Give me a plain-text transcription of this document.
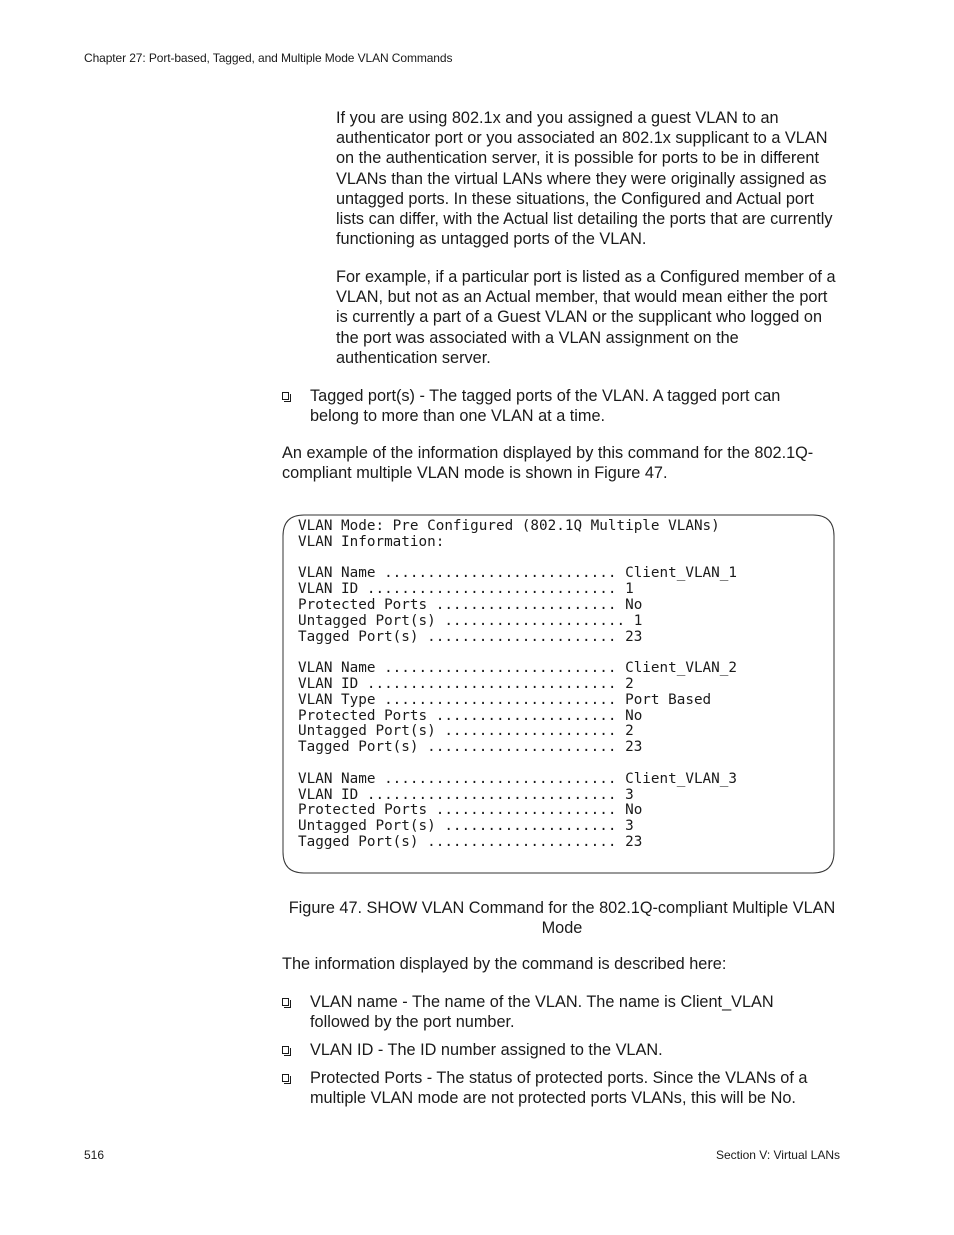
Chapter 27: Port-based, Tagged, and Multiple Mode VLAN Commands

If you are using 802.1x and you assigned a guest VLAN to an authenticator port or you associated an 802.1x supplicant to a VLAN on the authentication server, it is possible for ports to be in different VLANs than the virtual LANs where they were originally assigned as untagged ports. In these situations, the Configured and Actual port lists can differ, with the Actual list detailing the ports that are currently functioning as untagged ports of the VLAN.

For example, if a particular port is listed as a Configured member of a VLAN, but not as an Actual member, that would mean either the port is currently a part of a Guest VLAN or the supplicant who logged on the port was associated with a VLAN assignment on the authentication server.

Tagged port(s) - The tagged ports of the VLAN. A tagged port can belong to more than one VLAN at a time.

An example of the information displayed by this command for the 802.1Q-compliant multiple VLAN mode is shown in Figure 47.

VLAN Mode: Pre Configured (802.1Q Multiple VLANs)
VLAN Information:

VLAN Name ........................... Client_VLAN_1
VLAN ID ............................. 1
Protected Ports ..................... No
Untagged Port(s) ..................... 1
Tagged Port(s) ...................... 23

VLAN Name ........................... Client_VLAN_2
VLAN ID ............................. 2
VLAN Type ........................... Port Based
Protected Ports ..................... No
Untagged Port(s) .................... 2
Tagged Port(s) ...................... 23

VLAN Name ........................... Client_VLAN_3
VLAN ID ............................. 3
Protected Ports ..................... No
Untagged Port(s) .................... 3
Tagged Port(s) ...................... 23
Figure 47. SHOW VLAN Command for the 802.1Q-compliant Multiple VLAN Mode

The information displayed by the command is described here:

VLAN name - The name of the VLAN. The name is Client_VLAN followed by the port number.
VLAN ID - The ID number assigned to the VLAN.
Protected Ports - The status of protected ports. Since the VLANs of a multiple VLAN mode are not protected ports VLANs, this will be No.
516	Section V: Virtual LANs
